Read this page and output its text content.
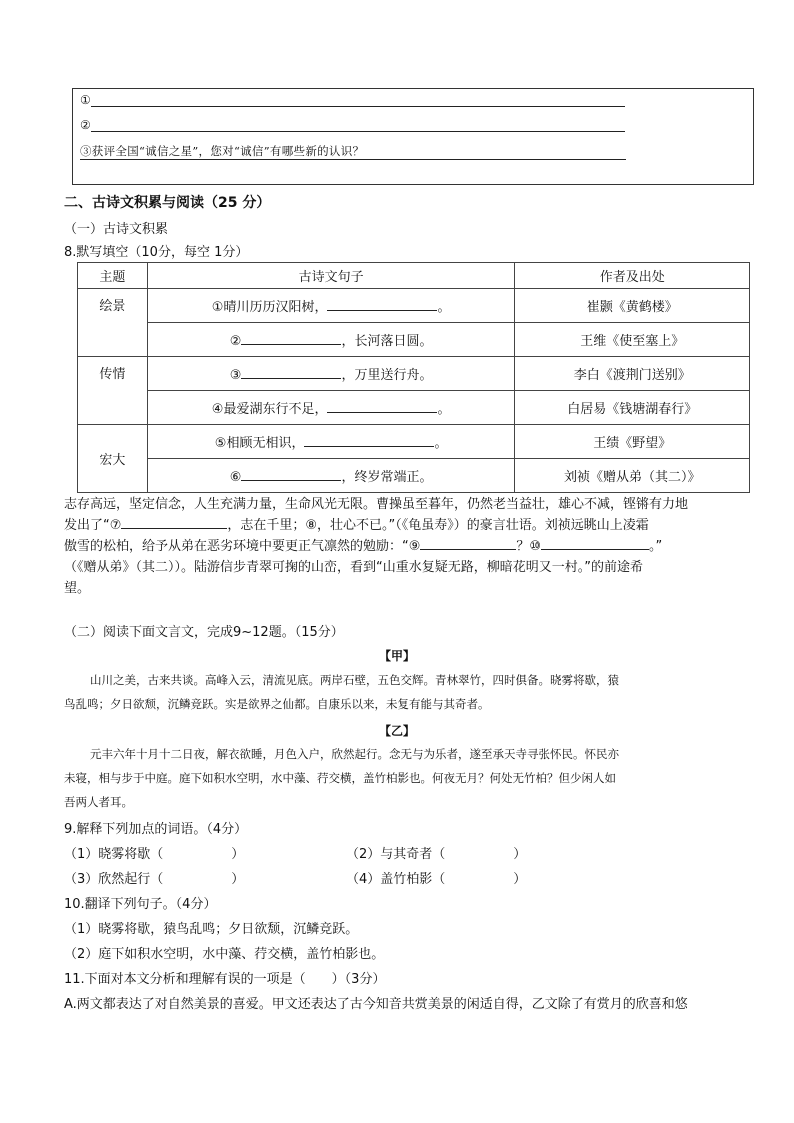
①
②
③获评全国“诚信之星”，您对“诚信”有哪些新的认识？
二、古诗文积累与阅读（25 分）
（一）古诗文积累
8.默写填空（10分，每空 1分）
主题	古诗文句子	作者及出处
绘景	①晴川历历汉阳树， 。	崔颢《黄鹤楼》
	② ，长河落日圆。	王维《使至塞上》
传情	③ ，万里送行舟。	李白《渡荆门送别》
	④最爱湖东行不足， 。	白居易《钱塘湖春行》
宏大	⑤相顾无相识， 。	王绩《野望》
	⑥ ，终岁常端正。	刘祯《赠从弟（其二）》
志存高远，坚定信念，人生充满力量，生命风光无限。曹操虽至暮年，仍然老当益壮，雄心不减，铿锵有力地
发出了“⑦	，志在千里；⑧，壮心不已。”（《龟虽寿》）的豪言壮语。刘祯远眺山上凌霜
傲雪的松柏，给予从弟在恶劣环境中要更正气凛然的勉励：“⑨	？⑩	。”
（《赠从弟》（其二））。陆游信步青翠可掬的山峦，看到“山重水复疑无路，柳暗花明又一村。”的前途希
望。
（二）阅读下面文言文，完成9~12题。（15分）
【甲】
山川之美，古来共谈。高峰入云，清流见底。两岸石壁，五色交辉。青林翠竹，四时俱备。晓雾将歇，猿
鸟乱鸣；夕日欲颓，沉鳞竞跃。实是欲界之仙都。自康乐以来，未复有能与其奇者。
【乙】
元丰六年十月十二日夜，解衣欲睡，月色入户，欣然起行。念无与为乐者，遂至承天寺寻张怀民。怀民亦
未寝，相与步于中庭。庭下如积水空明，水中藻、荇交横，盖竹柏影也。何夜无月？何处无竹柏？但少闲人如
吾两人者耳。
9.解释下列加点的词语。（4分）
（1）晓雾将歇（	）	（2）与其奇者（	）
（3）欣然起行（	）	（4）盖竹柏影（	）
10.翻译下列句子。（4分）
（1）晓雾将歇，猿鸟乱鸣；夕日欲颓，沉鳞竞跃。
（2）庭下如积水空明，水中藻、荇交横，盖竹柏影也。
11.下面对本文分析和理解有误的一项是（　　）（3分）
A.两文都表达了对自然美景的喜爱。甲文还表达了古今知音共赏美景的闲适自得，乙文除了有赏月的欣喜和悠
